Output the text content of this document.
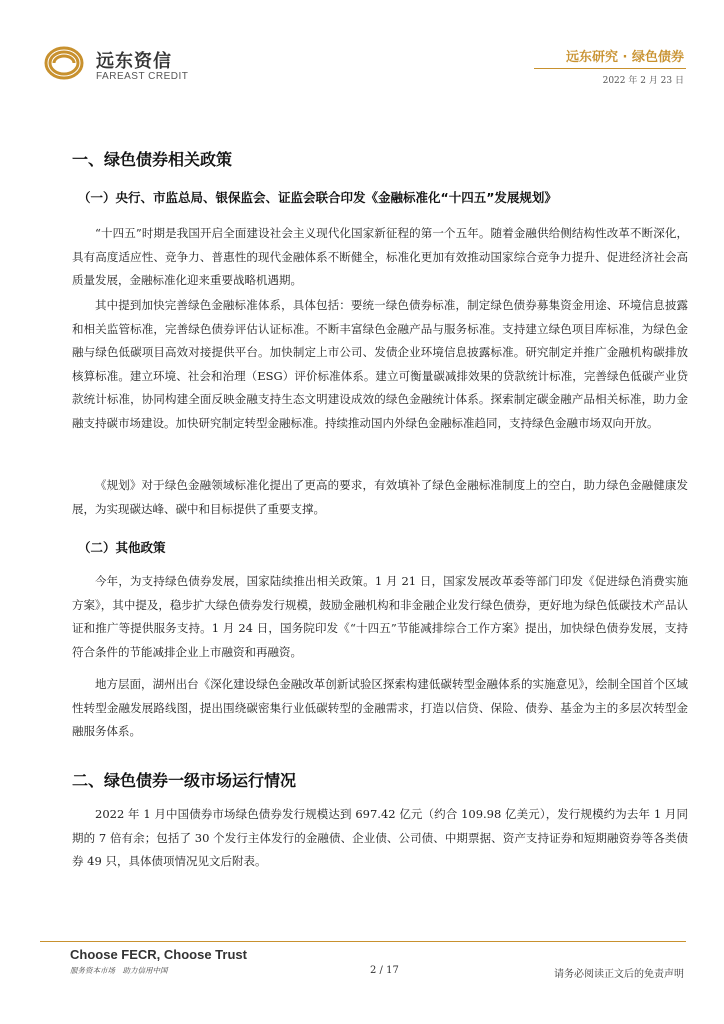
远东资信
FAREAST CREDIT
远东研究 · 绿色债券
2022 年 2 月 23 日
一、绿色债券相关政策
（一）央行、市监总局、银保监会、证监会联合印发《金融标准化“十四五”发展规划》

“十四五”时期是我国开启全面建设社会主义现代化国家新征程的第一个五年。随着金融供给侧结构性改革不断深化，具有高度适应性、竞争力、普惠性的现代金融体系不断健全，标准化更加有效推动国家综合竞争力提升、促进经济社会高质量发展，金融标准化迎来重要战略机遇期。

其中提到加快完善绿色金融标准体系，具体包括：要统一绿色债券标准，制定绿色债券募集资金用途、环境信息披露和相关监管标准，完善绿色债券评估认证标准。不断丰富绿色金融产品与服务标准。支持建立绿色项目库标准，为绿色金融与绿色低碳项目高效对接提供平台。加快制定上市公司、发债企业环境信息披露标准。研究制定并推广金融机构碳排放核算标准。建立环境、社会和治理（ESG）评价标准体系。建立可衡量碳减排效果的贷款统计标准，完善绿色低碳产业贷款统计标准，协同构建全面反映金融支持生态文明建设成效的绿色金融统计体系。探索制定碳金融产品相关标准，助力金融支持碳市场建设。加快研究制定转型金融标准。持续推动国内外绿色金融标准趋同，支持绿色金融市场双向开放。

《规划》对于绿色金融领域标准化提出了更高的要求，有效填补了绿色金融标准制度上的空白，助力绿色金融健康发展，为实现碳达峰、碳中和目标提供了重要支撑。

（二）其他政策

今年，为支持绿色债券发展，国家陆续推出相关政策。1 月 21 日，国家发展改革委等部门印发《促进绿色消费实施方案》，其中提及，稳步扩大绿色债券发行规模，鼓励金融机构和非金融企业发行绿色债券，更好地为绿色低碳技术产品认证和推广等提供服务支持。1 月 24 日，国务院印发《“十四五”节能减排综合工作方案》提出，加快绿色债券发展，支持符合条件的节能减排企业上市融资和再融资。

地方层面，湖州出台《深化建设绿色金融改革创新试验区探索构建低碳转型金融体系的实施意见》，绘制全国首个区域性转型金融发展路线图，提出围绕碳密集行业低碳转型的金融需求，打造以信贷、保险、债券、基金为主的多层次转型金融服务体系。

二、绿色债券一级市场运行情况

2022 年 1 月中国债券市场绿色债券发行规模达到 697.42 亿元（约合 109.98 亿美元），发行规模约为去年 1 月同期的 7 倍有余；包括了 30 个发行主体发行的金融债、企业债、公司债、中期票据、资产支持证券和短期融资券等各类债券 49 只，具体债项情况见文后附表。

Choose FECR, Choose Trust
服务资本市场　助力信用中国	2 / 17	请务必阅读正文后的免责声明
